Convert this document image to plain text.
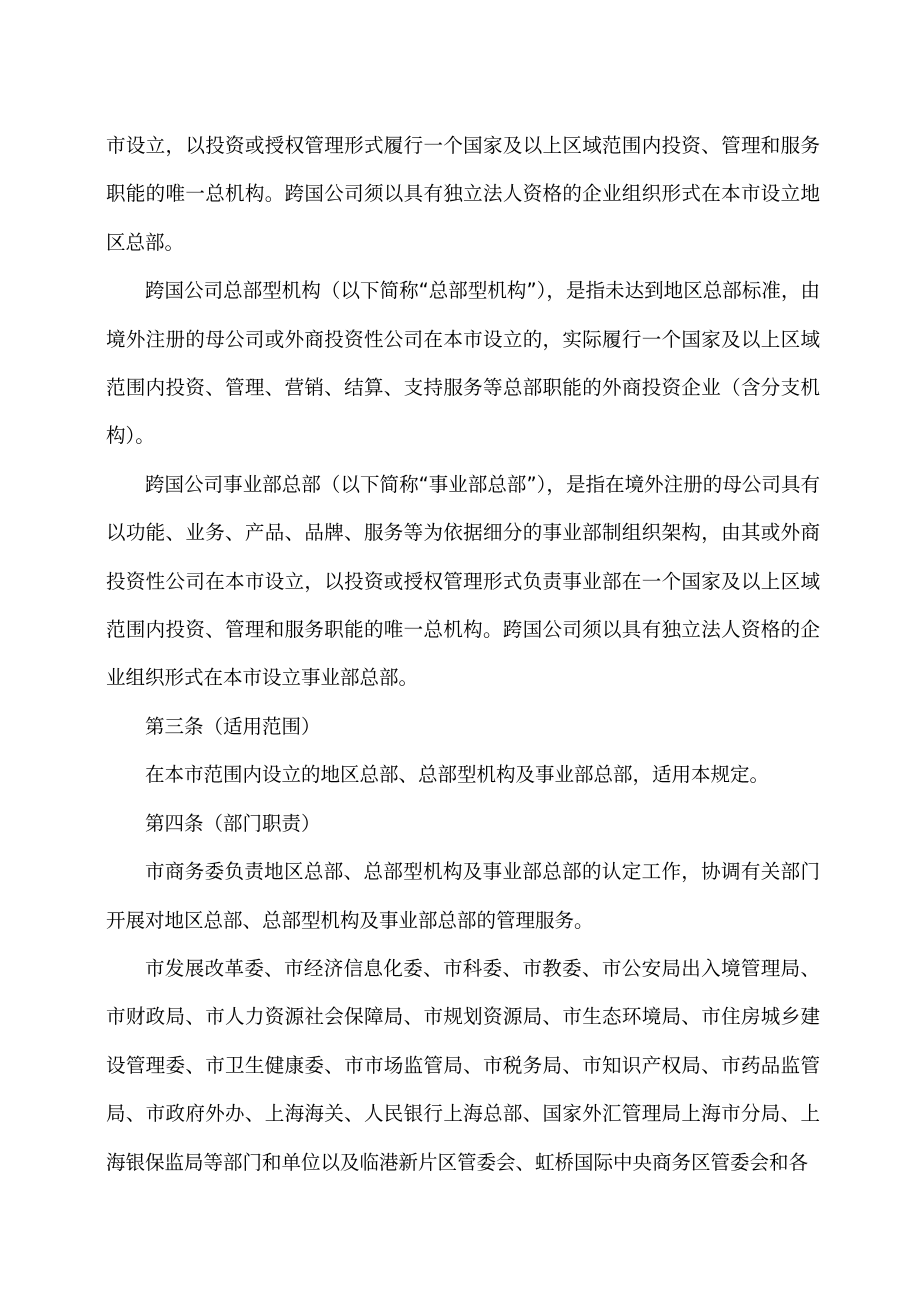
市设立，以投资或授权管理形式履行一个国家及以上区域范围内投资、管理和服务职能的唯一总机构。跨国公司须以具有独立法人资格的企业组织形式在本市设立地区总部。

跨国公司总部型机构（以下简称“总部型机构”），是指未达到地区总部标准，由境外注册的母公司或外商投资性公司在本市设立的，实际履行一个国家及以上区域范围内投资、管理、营销、结算、支持服务等总部职能的外商投资企业（含分支机构）。

跨国公司事业部总部（以下简称“事业部总部”），是指在境外注册的母公司具有以功能、业务、产品、品牌、服务等为依据细分的事业部制组织架构，由其或外商投资性公司在本市设立，以投资或授权管理形式负责事业部在一个国家及以上区域范围内投资、管理和服务职能的唯一总机构。跨国公司须以具有独立法人资格的企业组织形式在本市设立事业部总部。

第三条（适用范围）

在本市范围内设立的地区总部、总部型机构及事业部总部，适用本规定。

第四条（部门职责）

市商务委负责地区总部、总部型机构及事业部总部的认定工作，协调有关部门开展对地区总部、总部型机构及事业部总部的管理服务。

市发展改革委、市经济信息化委、市科委、市教委、市公安局出入境管理局、市财政局、市人力资源社会保障局、市规划资源局、市生态环境局、市住房城乡建设管理委、市卫生健康委、市市场监管局、市税务局、市知识产权局、市药品监管局、市政府外办、上海海关、人民银行上海总部、国家外汇管理局上海市分局、上海银保监局等部门和单位以及临港新片区管委会、虹桥国际中央商务区管委会和各
